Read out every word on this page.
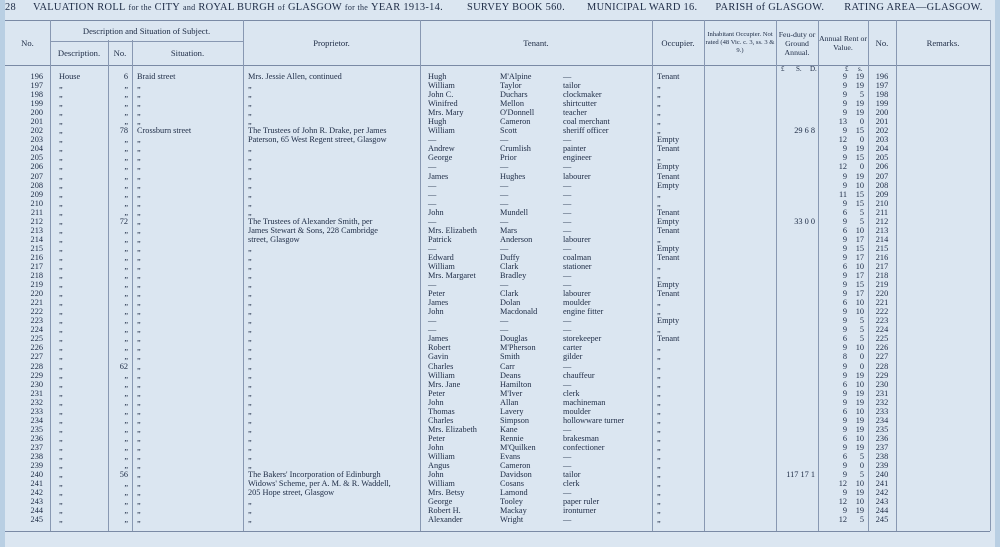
28 VALUATION ROLL for the CITY and ROYAL BURGH of GLASGOW for the YEAR 1913-14. SURVEY BOOK 560. MUNICIPAL WARD 16. PARISH of GLASGOW. RATING AREA—GLASGOW.
No.
Description and Situation of Subject.
Description.	No.	Situation.
Proprietor.	Tenant.	Occupier.
Inhabitant Occupier. Not rated (48 Vic. c. 3, ss. 3 & 9.)
Feu-duty or Ground Annual.
Annual Rent or Value.	No.	Remarks.
£ S. D.	£ s.
196 House	6 Braid street	Mrs. Jessie Allen, continued	Hugh	M'Alpine	—	Tenant	9	19	196
197 „	„ „	„	William	Taylor	tailor	„	9	19	197
198 „	„ „	„	John C.	Duchars	clockmaker	„	9	5	198
199 „	„ „	„	Winifred	Mellon	shirtcutter	„	9	19	199
200 „	„ „	„	Mrs. Mary	O'Donnell	teacher	„	9	19	200
201 „	„ „	„	Hugh	Cameron	coal merchant	„	13	0	201
202 „	78 Crossburn street	The Trustees of John R. Drake, per James	William	Scott	sheriff officer	„	29 6 8	9	15	202
203 „	„ „	Paterson, 65 West Regent street, Glasgow	—	—	—	Empty	12	0	203
204 „	„ „	„	Andrew	Crumlish	painter	Tenant	9	19	204
205 „	„ „	„	George	Prior	engineer	„	9	15	205
206 „	„ „	„	—	—	—	Empty	12	0	206
207 „	„ „	„	James	Hughes	labourer	Tenant	9	19	207
208 „	„ „	„	—	—	—	Empty	9	10	208
209 „	„ „	„	—	—	—	„	11	15	209
210 „	„ „	„	—	—	—	„	9	15	210
211 „	„ „	„	John	Mundell	—	Tenant	6	5	211
212 „	72 „	The Trustees of Alexander Smith, per	—	—	—	Empty	33 0 0	9	5	212
213 „	„ „	James Stewart & Sons, 228 Cambridge	Mrs. Elizabeth	Mars	—	Tenant	6	10	213
214 „	„ „	street, Glasgow	Patrick	Anderson	labourer	„	9	17	214
215 „	„ „	„	—	—	—	Empty	9	15	215
216 „	„ „	„	Edward	Duffy	coalman	Tenant	9	17	216
217 „	„ „	„	William	Clark	stationer	„	6	10	217
218 „	„ „	„	Mrs. Margaret	Bradley	—	„	9	17	218
219 „	„ „	„	—	—	—	Empty	9	15	219
220 „	„ „	„	Peter	Clark	labourer	Tenant	9	17	220
221 „	„ „	„	James	Dolan	moulder	„	6	10	221
222 „	„ „	„	John	Macdonald	engine fitter	„	9	10	222
223 „	„ „	„	—	—	—	Empty	9	5	223
224 „	„ „	„	—	—	—	„	9	5	224
225 „	„ „	„	James	Douglas	storekeeper	Tenant	6	5	225
226 „	„ „	„	Robert	M'Pherson	carter	„	9	10	226
227 „	„ „	„	Gavin	Smith	gilder	„	8	0	227
228 „	62 „	„	Charles	Carr	—	„	9	0	228
229 „	„ „	„	William	Deans	chauffeur	„	9	19	229
230 „	„ „	„	Mrs. Jane	Hamilton	—	„	6	10	230
231 „	„ „	„	Peter	M'Iver	clerk	„	9	19	231
232 „	„ „	„	John	Allan	machineman	„	9	19	232
233 „	„ „	„	Thomas	Lavery	moulder	„	6	10	233
234 „	„ „	„	Charles	Simpson	hollowware turner	„	9	19	234
235 „	„ „	„	Mrs. Elizabeth	Kane	—	„	9	19	235
236 „	„ „	„	Peter	Rennie	brakesman	„	6	10	236
237 „	„ „	„	John	M'Quilken	confectioner	„	9	19	237
238 „	„ „	„	William	Evans	—	„	6	5	238
239 „	„ „	„	Angus	Cameron	—	„	9	0	239
240 „	56 „	The Bakers' Incorporation of Edinburgh	John	Davidson	tailor	„	117 17 1	9	5	240
241 „	„ „	Widows' Scheme, per A. M. & R. Waddell,	William	Cosans	clerk	„	12	10	241
242 „	„ „	205 Hope street, Glasgow	Mrs. Betsy	Lamond	—	„	9	19	242
243 „	„ „	„	George	Tooley	paper ruler	„	12	10	243
244 „	„ „	„	Robert H.	Mackay	ironturner	„	9	19	244
245 „	„ „	„	Alexander	Wright	—	„	12	5	245
